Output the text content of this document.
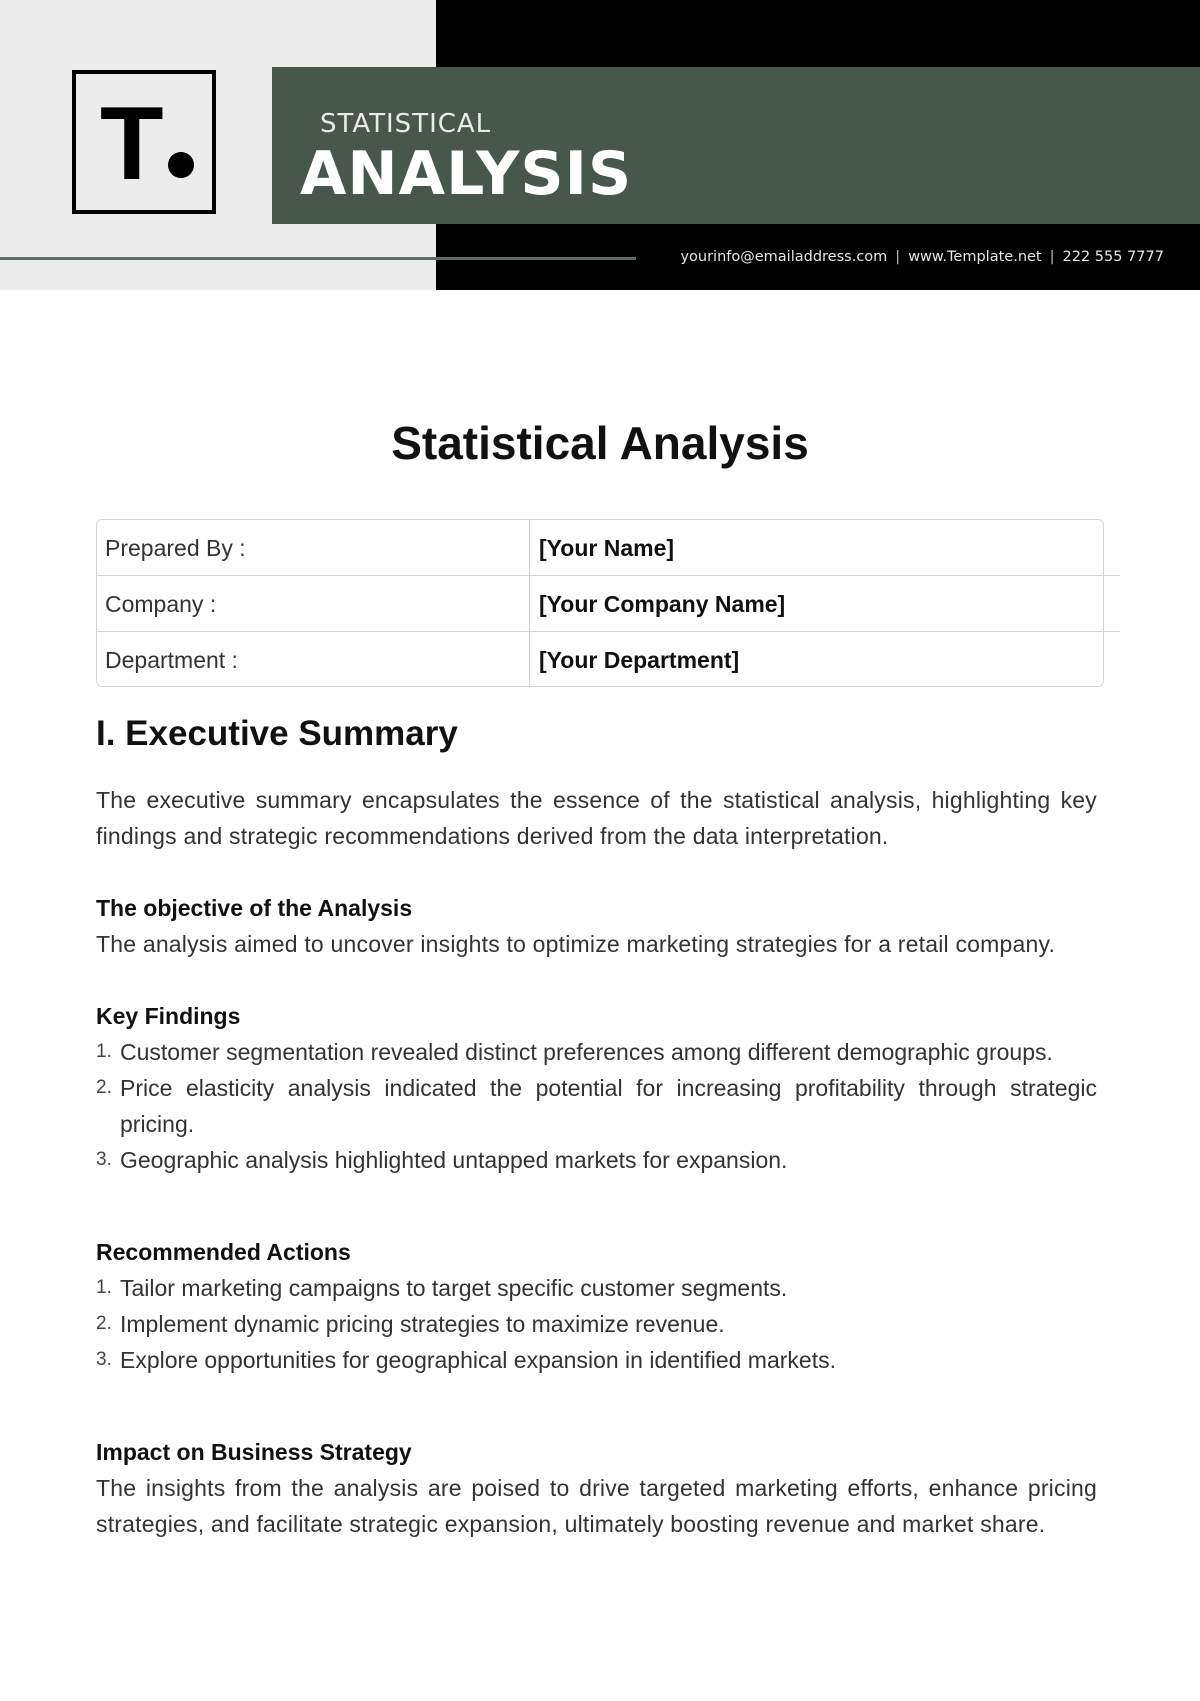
T	STATISTICAL
ANALYSIS
yourinfo@emailaddress.com | www.Template.net | 222 555 7777
Statistical Analysis
Prepared By :	[Your Name]
Company :	[Your Company Name]
Department :	[Your Department]
I. Executive Summary

The executive summary encapsulates the essence of the statistical analysis, highlighting key findings and strategic recommendations derived from the data interpretation.

The objective of the Analysis

The analysis aimed to uncover insights to optimize marketing strategies for a retail company.

Key Findings
1. Customer segmentation revealed distinct preferences among different demographic groups.
2. Price elasticity analysis indicated the potential for increasing profitability through strategic pricing.
3. Geographic analysis highlighted untapped markets for expansion.
Recommended Actions
1. Tailor marketing campaigns to target specific customer segments.
2. Implement dynamic pricing strategies to maximize revenue.
3. Explore opportunities for geographical expansion in identified markets.
Impact on Business Strategy

The insights from the analysis are poised to drive targeted marketing efforts, enhance pricing strategies, and facilitate strategic expansion, ultimately boosting revenue and market share.
